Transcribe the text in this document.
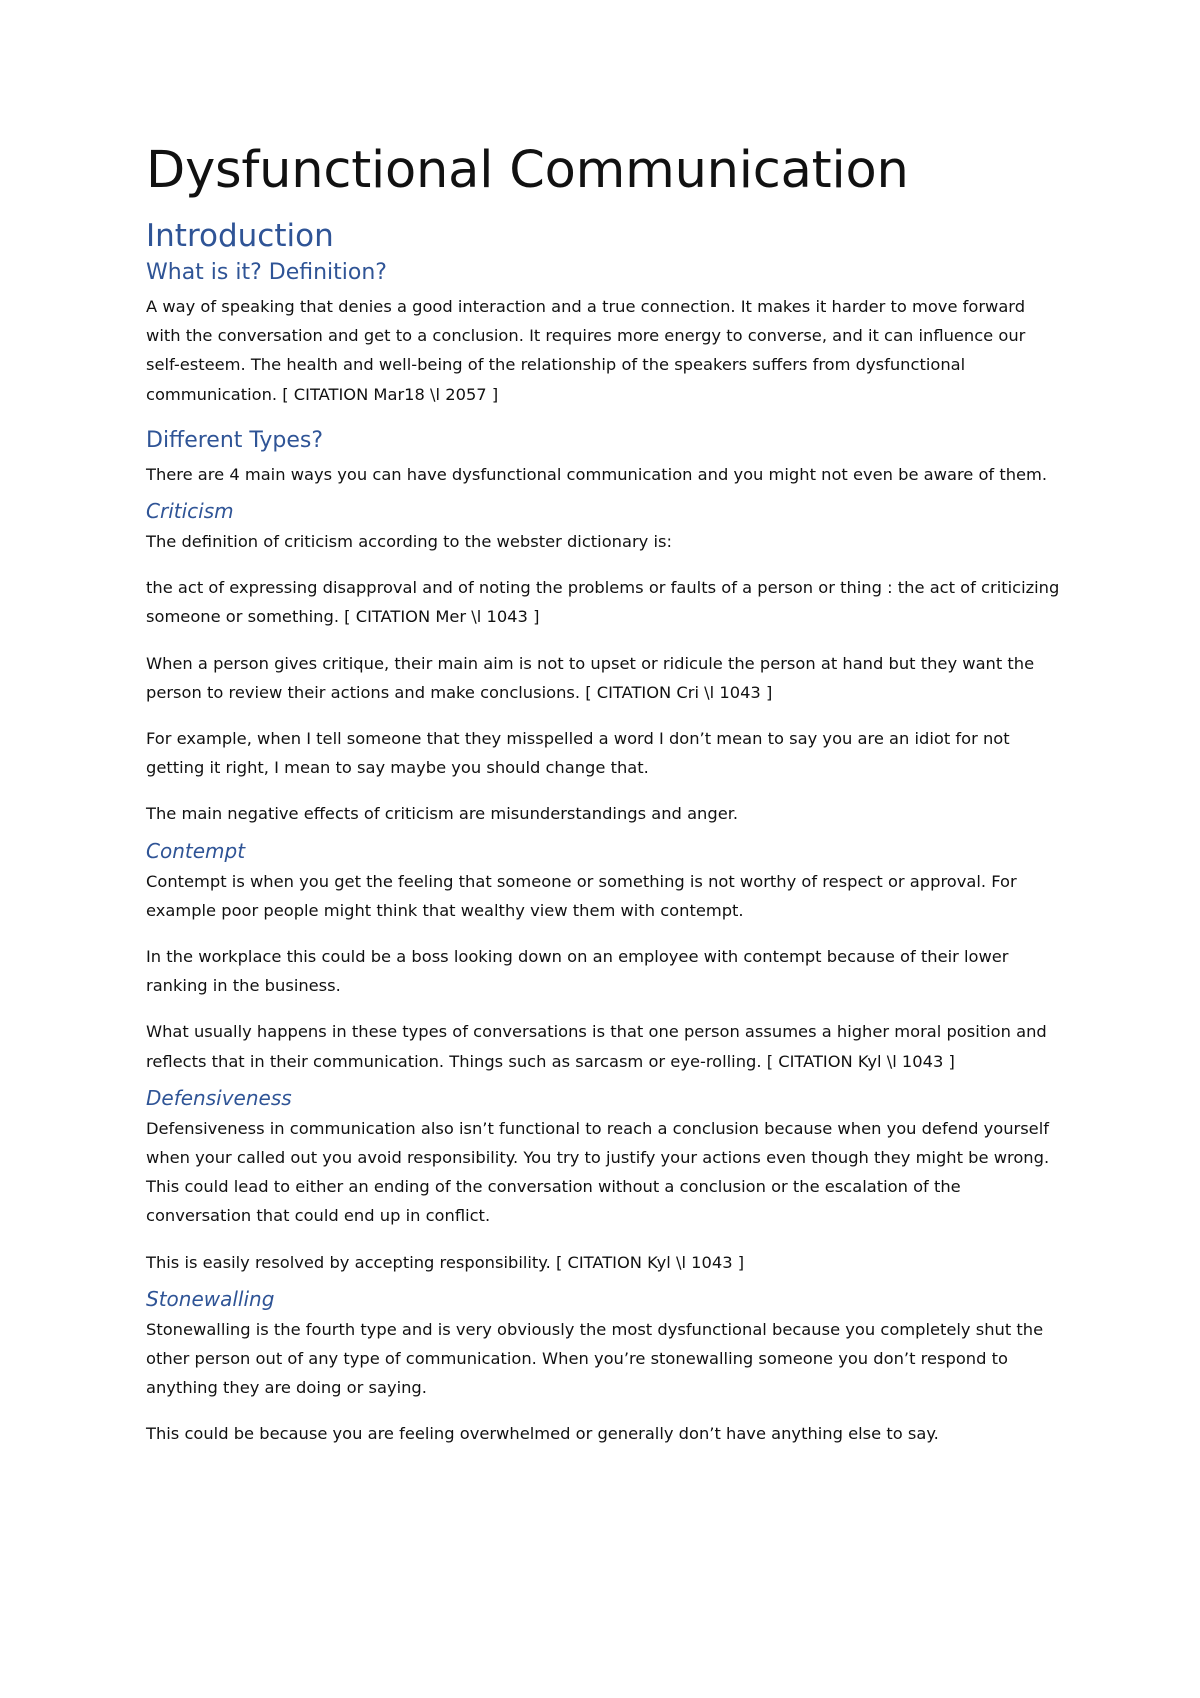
Dysfunctional Communication
Introduction
What is it? Definition?

A way of speaking that denies a good interaction and a true connection. It makes it harder to move forward with the conversation and get to a conclusion. It requires more energy to converse, and it can influence our self-esteem. The health and well-being of the relationship of the speakers suffers from dysfunctional communication. [ CITATION Mar18 \l 2057 ]

Different Types?

There are 4 main ways you can have dysfunctional communication and you might not even be aware of them.

Criticism

The definition of criticism according to the webster dictionary is:

the act of expressing disapproval and of noting the problems or faults of a person or thing : the act of criticizing someone or something. [ CITATION Mer \l 1043 ]

When a person gives critique, their main aim is not to upset or ridicule the person at hand but they want the person to review their actions and make conclusions. [ CITATION Cri \l 1043 ]

For example, when I tell someone that they misspelled a word I don’t mean to say you are an idiot for not getting it right, I mean to say maybe you should change that.

The main negative effects of criticism are misunderstandings and anger.

Contempt

Contempt is when you get the feeling that someone or something is not worthy of respect or approval. For example poor people might think that wealthy view them with contempt.

In the workplace this could be a boss looking down on an employee with contempt because of their lower ranking in the business.

What usually happens in these types of conversations is that one person assumes a higher moral position and reflects that in their communication. Things such as sarcasm or eye-rolling. [ CITATION Kyl \l 1043 ]

Defensiveness

Defensiveness in communication also isn’t functional to reach a conclusion because when you defend yourself when your called out you avoid responsibility. You try to justify your actions even though they might be wrong. This could lead to either an ending of the conversation without a conclusion or the escalation of the conversation that could end up in conflict.

This is easily resolved by accepting responsibility. [ CITATION Kyl \l 1043 ]

Stonewalling

Stonewalling is the fourth type and is very obviously the most dysfunctional because you completely shut the other person out of any type of communication. When you’re stonewalling someone you don’t respond to anything they are doing or saying.

This could be because you are feeling overwhelmed or generally don’t have anything else to say.
